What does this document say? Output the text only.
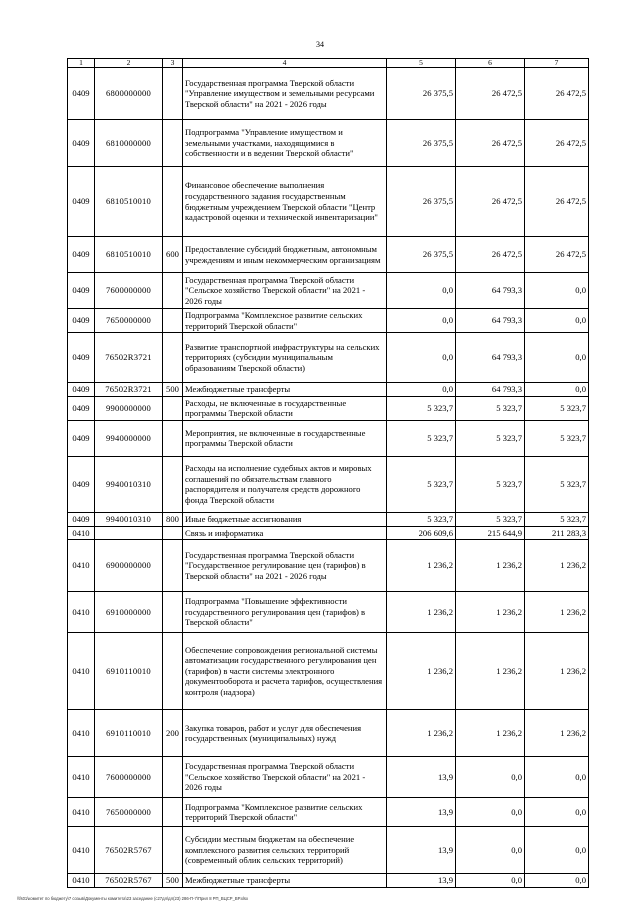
34
1	2	3	4	5	6	7
0409	6800000000		Государственная программа Тверской области "Управление имуществом и земельными ресурсами Тверской области" на 2021 - 2026 годы	26 375,5	26 472,5	26 472,5
0409	6810000000		Подпрограмма "Управление имуществом и земельными участками, находящимися в собственности и в ведении Тверской области"	26 375,5	26 472,5	26 472,5
0409	6810510010		Финансовое обеспечение выполнения государственного задания государственным бюджетным учреждением Тверской области "Центр кадастровой оценки и технической инвентаризации"	26 375,5	26 472,5	26 472,5
0409	6810510010	600	Предоставление субсидий бюджетным, автономным учреждениям и иным некоммерческим организациям	26 375,5	26 472,5	26 472,5
0409	7600000000		Государственная программа Тверской области "Сельское хозяйство Тверской области" на 2021 - 2026 годы	0,0	64 793,3	0,0
0409	7650000000		Подпрограмма "Комплексное развитие сельских территорий Тверской области"	0,0	64 793,3	0,0
0409	76502R3721		Развитие транспортной инфраструктуры на сельских территориях (субсидии муниципальным образованиям Тверской области)	0,0	64 793,3	0,0
0409	76502R3721	500	Межбюджетные трансферты	0,0	64 793,3	0,0
0409	9900000000		Расходы, не включенные в государственные программы Тверской области	5 323,7	5 323,7	5 323,7
0409	9940000000		Мероприятия, не включенные в государственные программы Тверской области	5 323,7	5 323,7	5 323,7
0409	9940010310		Расходы на исполнение судебных актов и мировых соглашений по обязательствам главного распорядителя и получателя средств дорожного фонда Тверской области	5 323,7	5 323,7	5 323,7
0409	9940010310	800	Иные бюджетные ассигнования	5 323,7	5 323,7	5 323,7
0410			Связь и информатика	206 609,6	215 644,9	211 283,3
0410	6900000000		Государственная программа Тверской области "Государственное регулирование цен (тарифов) в Тверской области" на 2021 - 2026 годы	1 236,2	1 236,2	1 236,2
0410	6910000000		Подпрограмма "Повышение эффективности государственного регулирования цен (тарифов) в Тверской области"	1 236,2	1 236,2	1 236,2
0410	6910110010		Обеспечение сопровождения региональной системы автоматизации государственного регулирования цен (тарифов) в части системы электронного документооборота и расчета тарифов, осуществления контроля (надзора)	1 236,2	1 236,2	1 236,2
0410	6910110010	200	Закупка товаров, работ и услуг для обеспечения государственных (муниципальных) нужд	1 236,2	1 236,2	1 236,2
0410	7600000000		Государственная программа Тверской области "Сельское хозяйство Тверской области" на 2021 - 2026 годы	13,9	0,0	0,0
0410	7650000000		Подпрограмма "Комплексное развитие сельских территорий Тверской области"	13,9	0,0	0,0
0410	76502R5767		Субсидии местным бюджетам на обеспечение комплексного развития сельских территорий (современный облик сельских территорий)	13,9	0,0	0,0
0410	76502R5767	500	Межбюджетные трансферты	13,9	0,0	0,0
\\fs01\комитет по бюджету\7 созыв\Документы комитета\23 заседание (с27дл\дл(23) 286-П-7\Прил 8 РП_ВЦСР_ВР.xlsx
